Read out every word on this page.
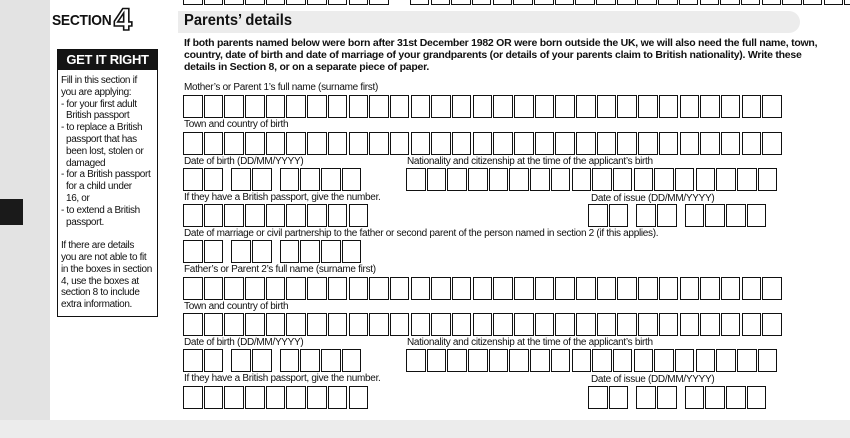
SECTION 4	Parents’ details
If both parents named below were born after 31st December 1982 OR were born outside the UK, we will also need the full name, town, country, date of birth and date of marriage of your grandparents (or details of your parents claim to British nationality). Write these details in Section 8, or on a separate piece of paper.
GET IT RIGHT
Fill in this section if
you are applying:
- for your first adult
British passport
- to replace a British
passport that has
been lost, stolen or
damaged
- for a British passport
for a child under
16, or
- to extend a British
passport.
If there are details
you are not able to fit
in the boxes in section
4, use the boxes at
section 8 to include
extra information.
Mother’s or Parent 1’s full name (surname first)
Town and country of birth
Date of birth (DD/MM/YYYY)	Nationality and citizenship at the time of the applicant’s birth
If they have a British passport, give the number.	Date of issue (DD/MM/YYYY)
Date of marriage or civil partnership to the father or second parent of the person named in section 2 (if this applies).
Father’s or Parent 2’s full name (surname first)
Town and country of birth
Date of birth (DD/MM/YYYY)	Nationality and citizenship at the time of the applicant’s birth
If they have a British passport, give the number.	Date of issue (DD/MM/YYYY)
